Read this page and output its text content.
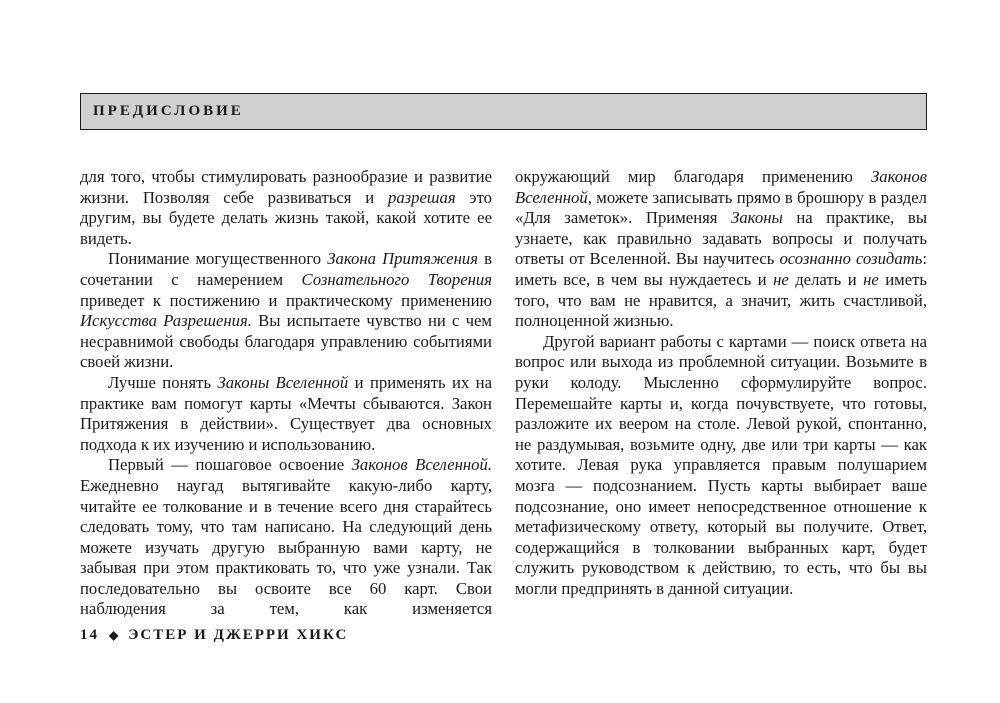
ПРЕДИСЛОВИЕ

для того, чтобы стимулировать разнообразие и развитие жизни. Позволяя себе развиваться и разрешая это другим, вы будете делать жизнь такой, какой хотите ее видеть.

Понимание могущественного Закона Притяжения в сочетании с намерением Сознательного Творения приведет к постижению и практическому применению Искусства Разрешения. Вы испытаете чувство ни с чем несравнимой свободы благодаря управлению событиями своей жизни.

Лучше понять Законы Вселенной и применять их на практике вам помогут карты «Мечты сбываются. Закон Притяжения в действии». Существует два основных подхода к их изучению и использованию.

Первый — пошаговое освоение Законов Вселенной. Ежедневно наугад вытягивайте какую-либо карту, читайте ее толкование и в течение всего дня старайтесь следовать тому, что там написано. На следующий день можете изучать другую выбранную вами карту, не забывая при этом практиковать то, что уже узнали. Так последовательно вы освоите все 60 карт. Свои наблюдения за тем, как изменяется

окружающий мир благодаря применению Законов Вселенной, можете записывать прямо в брошюру в раздел «Для заметок». Применяя Законы на практике, вы узнаете, как правильно задавать вопросы и получать ответы от Вселенной. Вы научитесь осознанно созидать: иметь все, в чем вы нуждаетесь и не делать и не иметь того, что вам не нравится, а значит, жить счастливой, полноценной жизнью.

Другой вариант работы с картами — поиск ответа на вопрос или выхода из проблемной ситуации. Возьмите в руки колоду. Мысленно сформулируйте вопрос. Перемешайте карты и, когда почувствуете, что готовы, разложите их веером на столе. Левой рукой, спонтанно, не раздумывая, возьмите одну, две или три карты — как хотите. Левая рука управляется правым полушарием мозга — подсознанием. Пусть карты выбирает ваше подсознание, оно имеет непосредственное отношение к метафизическому ответу, который вы получите. Ответ, содержащийся в толковании выбранных карт, будет служить руководством к действию, то есть, что бы вы могли предпринять в данной ситуации.

14 ◆ ЭСТЕР И ДЖЕРРИ ХИКС
